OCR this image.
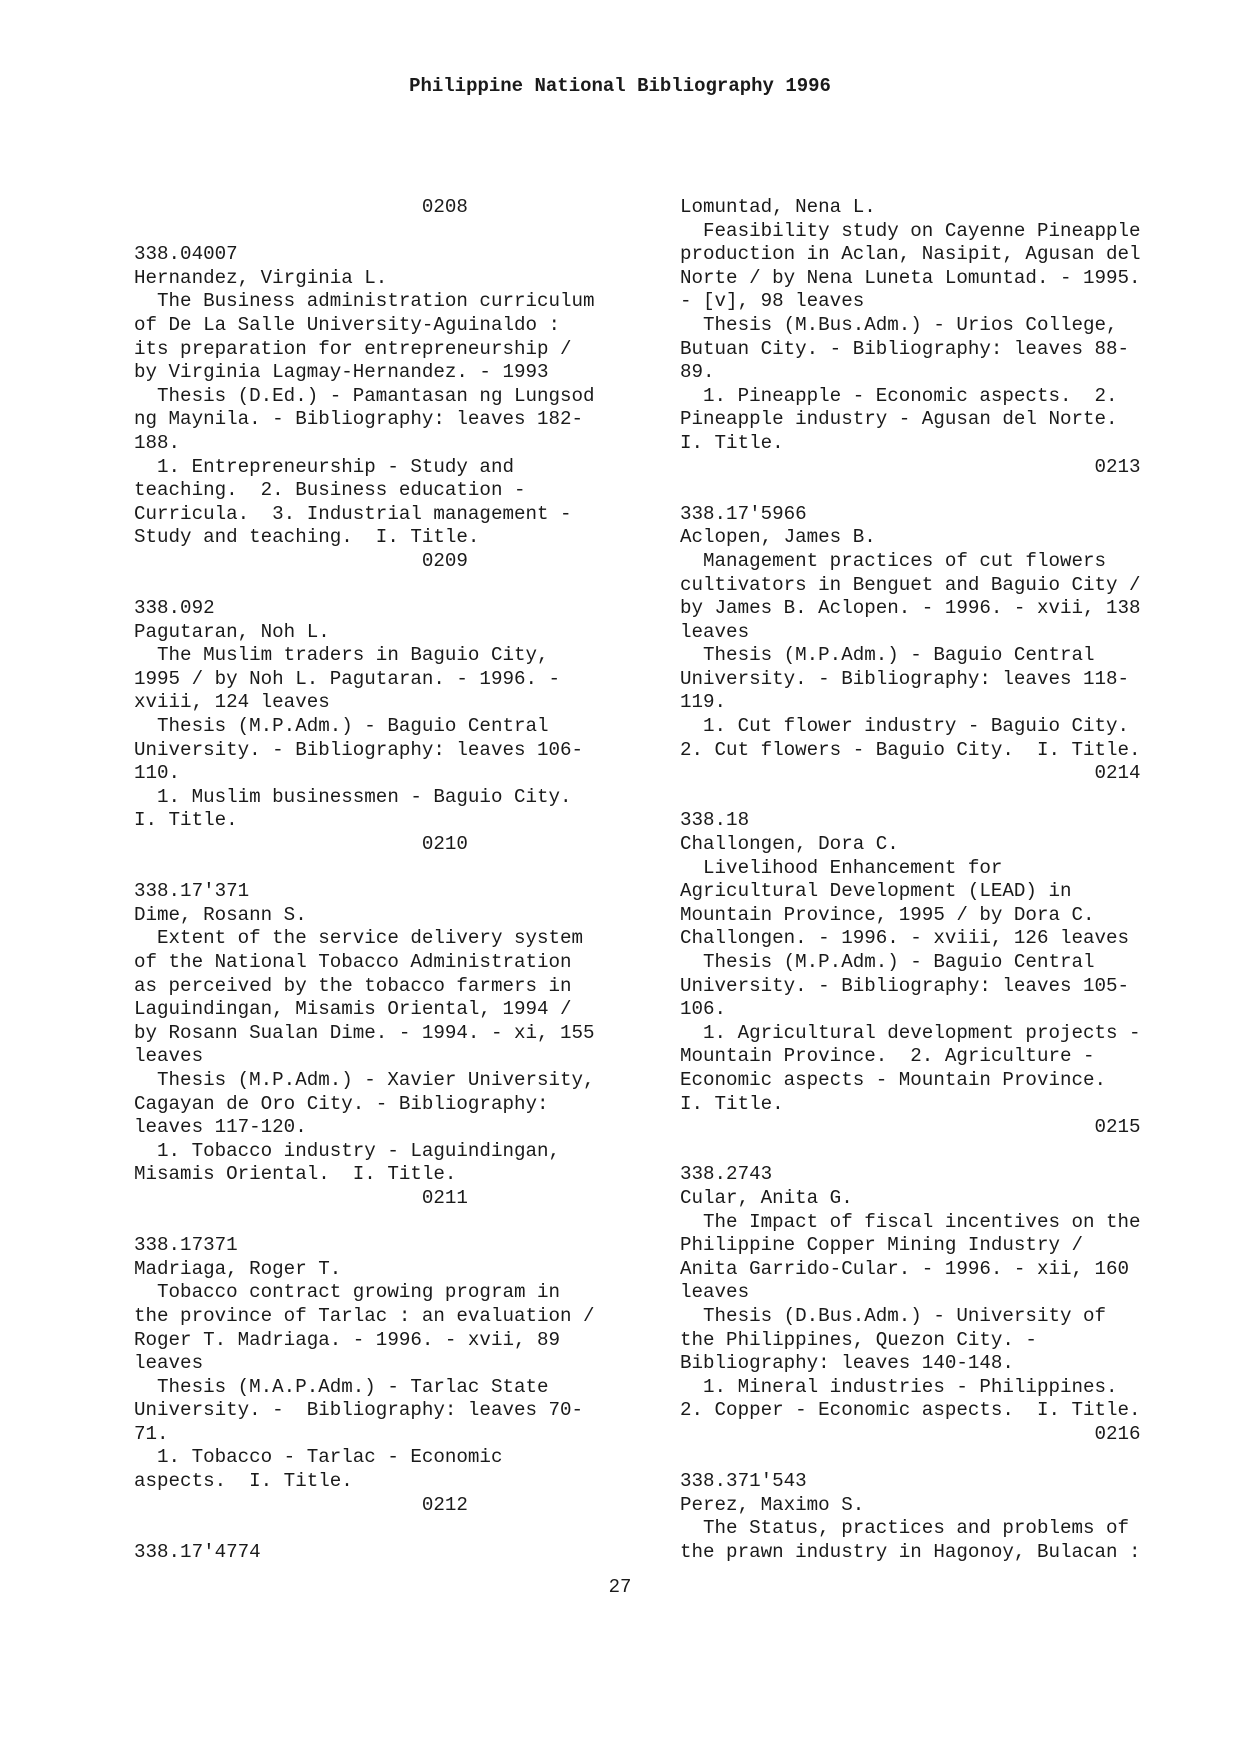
Philippine National Bibliography 1996
0208
338.04007
Hernandez, Virginia L.
The Business administration curriculum
of De La Salle University-Aguinaldo :
its preparation for entrepreneurship /
by Virginia Lagmay-Hernandez. - 1993
Thesis (D.Ed.) - Pamantasan ng Lungsod
ng Maynila. - Bibliography: leaves 182-
188.
1. Entrepreneurship - Study and
teaching.  2. Business education -
Curricula.  3. Industrial management -
Study and teaching.  I. Title.
0209
338.092
Pagutaran, Noh L.
The Muslim traders in Baguio City,
1995 / by Noh L. Pagutaran. - 1996. -
xviii, 124 leaves
Thesis (M.P.Adm.) - Baguio Central
University. - Bibliography: leaves 106-
110.
1. Muslim businessmen - Baguio City.
I. Title.
0210
338.17'371
Dime, Rosann S.
Extent of the service delivery system
of the National Tobacco Administration
as perceived by the tobacco farmers in
Laguindingan, Misamis Oriental, 1994 /
by Rosann Sualan Dime. - 1994. - xi, 155
leaves
Thesis (M.P.Adm.) - Xavier University,
Cagayan de Oro City. - Bibliography:
leaves 117-120.
1. Tobacco industry - Laguindingan,
Misamis Oriental.  I. Title.
0211
338.17371
Madriaga, Roger T.
Tobacco contract growing program in
the province of Tarlac : an evaluation /
Roger T. Madriaga. - 1996. - xvii, 89
leaves
Thesis (M.A.P.Adm.) - Tarlac State
University. -  Bibliography: leaves 70-
71.
1. Tobacco - Tarlac - Economic
aspects.  I. Title.
0212
338.17'4774
Lomuntad, Nena L.
Feasibility study on Cayenne Pineapple
production in Aclan, Nasipit, Agusan del
Norte / by Nena Luneta Lomuntad. - 1995.
- [v], 98 leaves
Thesis (M.Bus.Adm.) - Urios College,
Butuan City. - Bibliography: leaves 88-
89.
1. Pineapple - Economic aspects.  2.
Pineapple industry - Agusan del Norte.
I. Title.
0213
338.17'5966
Aclopen, James B.
Management practices of cut flowers
cultivators in Benguet and Baguio City /
by James B. Aclopen. - 1996. - xvii, 138
leaves
Thesis (M.P.Adm.) - Baguio Central
University. - Bibliography: leaves 118-
119.
1. Cut flower industry - Baguio City.
2. Cut flowers - Baguio City.  I. Title.
0214
338.18
Challongen, Dora C.
Livelihood Enhancement for
Agricultural Development (LEAD) in
Mountain Province, 1995 / by Dora C.
Challongen. - 1996. - xviii, 126 leaves
Thesis (M.P.Adm.) - Baguio Central
University. - Bibliography: leaves 105-
106.
1. Agricultural development projects -
Mountain Province.  2. Agriculture -
Economic aspects - Mountain Province.
I. Title.
0215
338.2743
Cular, Anita G.
The Impact of fiscal incentives on the
Philippine Copper Mining Industry /
Anita Garrido-Cular. - 1996. - xii, 160
leaves
Thesis (D.Bus.Adm.) - University of
the Philippines, Quezon City. -
Bibliography: leaves 140-148.
1. Mineral industries - Philippines.
2. Copper - Economic aspects.  I. Title.
0216
338.371'543
Perez, Maximo S.
The Status, practices and problems of
the prawn industry in Hagonoy, Bulacan :
27
